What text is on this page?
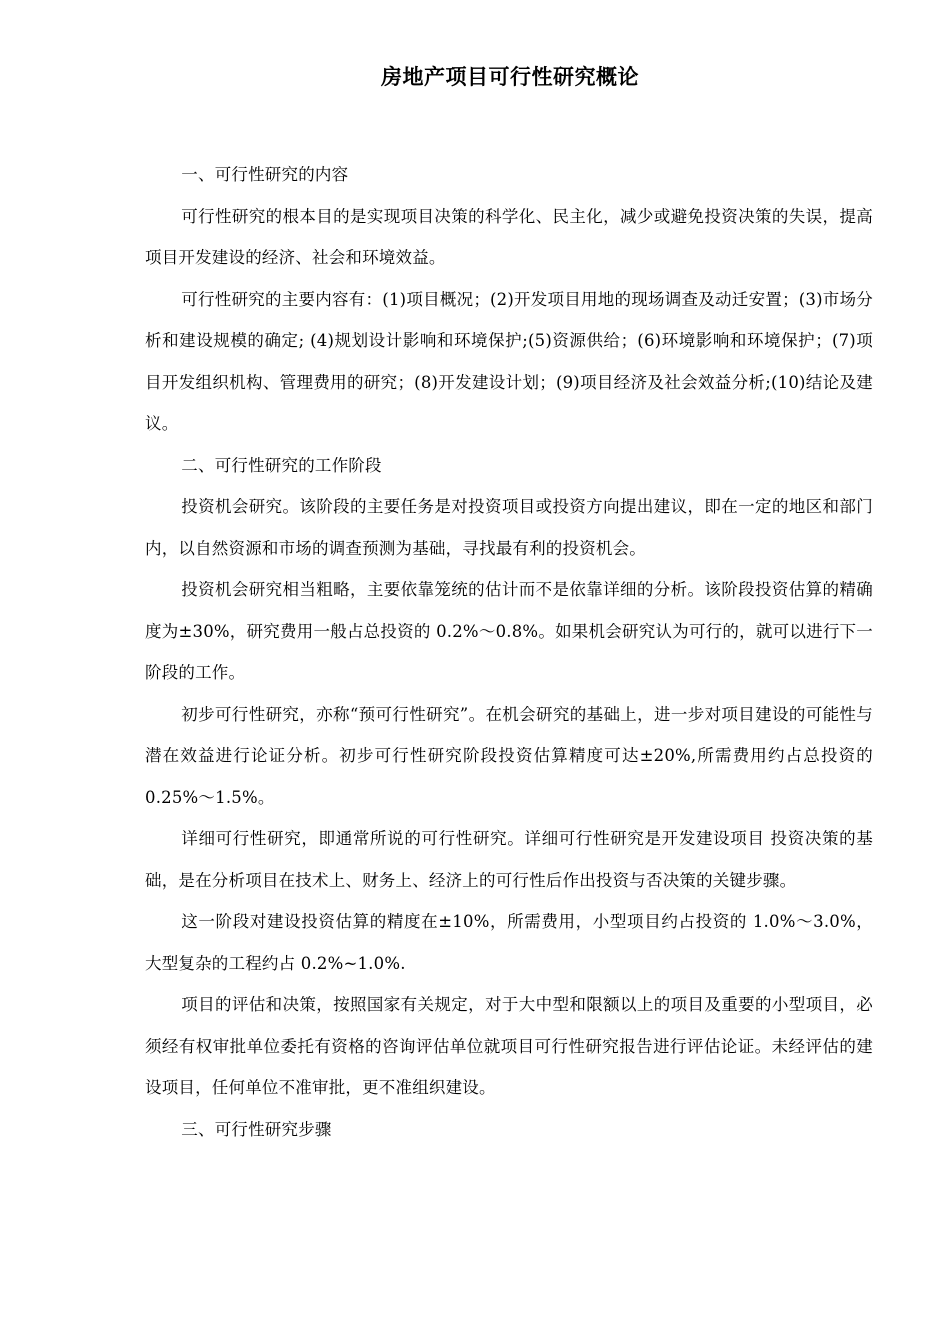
房地产项目可行性研究概论

一、可行性研究的内容

可行性研究的根本目的是实现项目决策的科学化、民主化，减少或避免投资决策的失误，提高项目开发建设的经济、社会和环境效益。

可行性研究的主要内容有：(1)项目概况；(2)开发项目用地的现场调查及动迁安置；(3)市场分析和建设规模的确定; (4)规划设计影响和环境保护;(5)资源供给；(6)环境影响和环境保护；(7)项目开发组织机构、管理费用的研究；(8)开发建设计划；(9)项目经济及社会效益分析;(10)结论及建议。

二、可行性研究的工作阶段

投资机会研究。该阶段的主要任务是对投资项目或投资方向提出建议，即在一定的地区和部门内，以自然资源和市场的调查预测为基础，寻找最有利的投资机会。

投资机会研究相当粗略，主要依靠笼统的估计而不是依靠详细的分析。该阶段投资估算的精确度为±30%，研究费用一般占总投资的 0.2%～0.8%。如果机会研究认为可行的，就可以进行下一阶段的工作。

初步可行性研究，亦称“预可行性研究”。在机会研究的基础上，进一步对项目建设的可能性与潜在效益进行论证分析。初步可行性研究阶段投资估算精度可达±20%,所需费用约占总投资的 0.25%～1.5%。

详细可行性研究，即通常所说的可行性研究。详细可行性研究是开发建设项目 投资决策的基础，是在分析项目在技术上、财务上、经济上的可行性后作出投资与否决策的关键步骤。

这一阶段对建设投资估算的精度在±10%，所需费用，小型项目约占投资的 1.0%～3.0%，大型复杂的工程约占 0.2%~1.0%.

项目的评估和决策，按照国家有关规定，对于大中型和限额以上的项目及重要的小型项目，必须经有权审批单位委托有资格的咨询评估单位就项目可行性研究报告进行评估论证。未经评估的建设项目，任何单位不准审批，更不准组织建设。

三、可行性研究步骤
